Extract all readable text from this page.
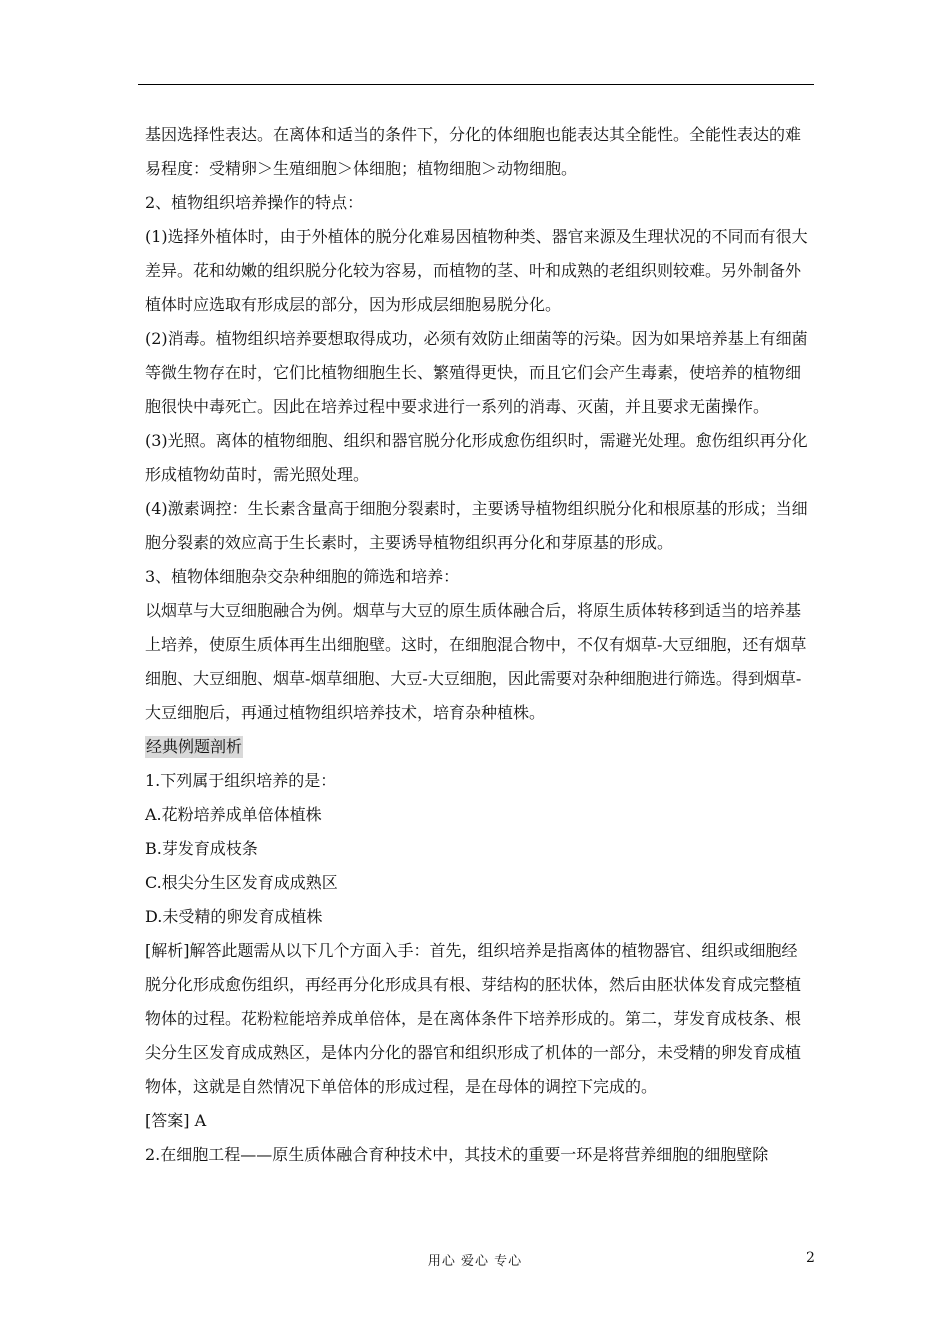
基因选择性表达。在离体和适当的条件下，分化的体细胞也能表达其全能性。全能性表达的难易程度：受精卵＞生殖细胞＞体细胞；植物细胞＞动物细胞。

2、植物组织培养操作的特点：

(1)选择外植体时，由于外植体的脱分化难易因植物种类、器官来源及生理状况的不同而有很大差异。花和幼嫩的组织脱分化较为容易，而植物的茎、叶和成熟的老组织则较难。另外制备外植体时应选取有形成层的部分，因为形成层细胞易脱分化。

(2)消毒。植物组织培养要想取得成功，必须有效防止细菌等的污染。因为如果培养基上有细菌等微生物存在时，它们比植物细胞生长、繁殖得更快，而且它们会产生毒素，使培养的植物细胞很快中毒死亡。因此在培养过程中要求进行一系列的消毒、灭菌，并且要求无菌操作。

(3)光照。离体的植物细胞、组织和器官脱分化形成愈伤组织时，需避光处理。愈伤组织再分化形成植物幼苗时，需光照处理。

(4)激素调控：生长素含量高于细胞分裂素时，主要诱导植物组织脱分化和根原基的形成；当细胞分裂素的效应高于生长素时，主要诱导植物组织再分化和芽原基的形成。

3、植物体细胞杂交杂种细胞的筛选和培养：

以烟草与大豆细胞融合为例。烟草与大豆的原生质体融合后，将原生质体转移到适当的培养基上培养，使原生质体再生出细胞壁。这时，在细胞混合物中，不仅有烟草-大豆细胞，还有烟草细胞、大豆细胞、烟草-烟草细胞、大豆-大豆细胞，因此需要对杂种细胞进行筛选。得到烟草-大豆细胞后，再通过植物组织培养技术，培育杂种植株。

经典例题剖析

1.下列属于组织培养的是：

A.花粉培养成单倍体植株

B.芽发育成枝条

C.根尖分生区发育成成熟区

D.未受精的卵发育成植株

[解析]解答此题需从以下几个方面入手：首先，组织培养是指离体的植物器官、组织或细胞经脱分化形成愈伤组织，再经再分化形成具有根、芽结构的胚状体，然后由胚状体发育成完整植物体的过程。花粉粒能培养成单倍体，是在离体条件下培养形成的。第二，芽发育成枝条、根尖分生区发育成成熟区，是体内分化的器官和组织形成了机体的一部分，未受精的卵发育成植物体，这就是自然情况下单倍体的形成过程，是在母体的调控下完成的。

[答案] A

2.在细胞工程——原生质体融合育种技术中，其技术的重要一环是将营养细胞的细胞壁除

用心 爱心 专心	2
